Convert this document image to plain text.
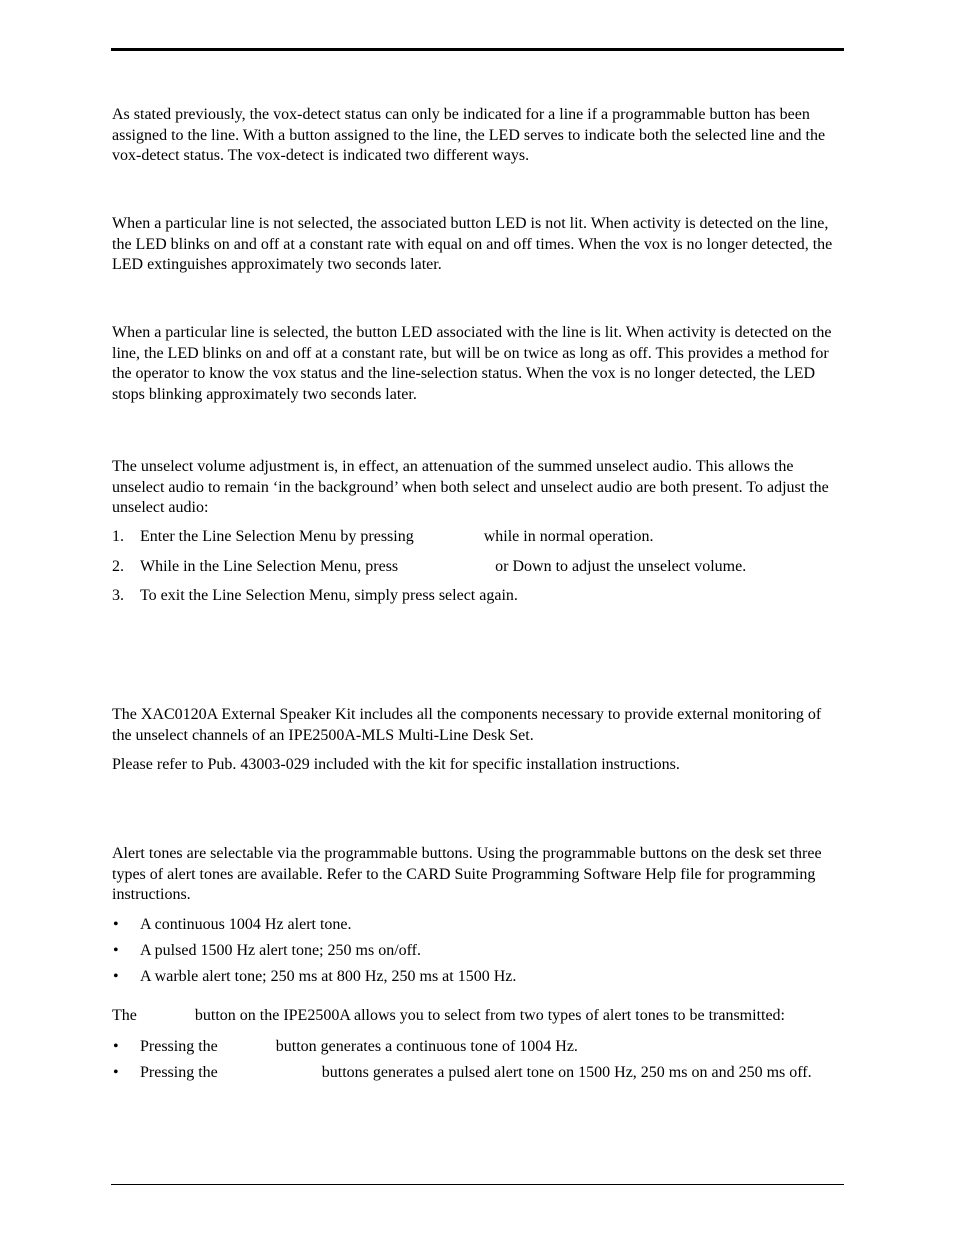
As stated previously, the vox-detect status can only be indicated for a line if a programmable button has been assigned to the line. With a button assigned to the line, the LED serves to indicate both the selected line and the vox-detect status. The vox-detect is indicated two different ways.

When a particular line is not selected, the associated button LED is not lit. When activity is detected on the line, the LED blinks on and off at a constant rate with equal on and off times. When the vox is no longer detected, the LED extinguishes approximately two seconds later.

When a particular line is selected, the button LED associated with the line is lit. When activity is detected on the line, the LED blinks on and off at a constant rate, but will be on twice as long as off. This provides a method for the operator to know the vox status and the line-selection status. When the vox is no longer detected, the LED stops blinking approximately two seconds later.

The unselect volume adjustment is, in effect, an attenuation of the summed unselect audio. This allows the unselect audio to remain ‘in the background’ when both select and unselect audio are both present. To adjust the unselect audio:

1. Enter the Line Selection Menu by pressing	while in normal operation.
2. While in the Line Selection Menu, press	or Down to adjust the unselect volume.
3. To exit the Line Selection Menu, simply press select again.

The XAC0120A External Speaker Kit includes all the components necessary to provide external monitoring of the unselect channels of an IPE2500A-MLS Multi-Line Desk Set.

Please refer to Pub. 43003-029 included with the kit for specific installation instructions.

Alert tones are selectable via the programmable buttons. Using the programmable buttons on the desk set three types of alert tones are available. Refer to the CARD Suite Programming Software Help file for programming instructions.

• A continuous 1004 Hz alert tone.
• A pulsed 1500 Hz alert tone; 250 ms on/off.
• A warble alert tone; 250 ms at 800 Hz, 250 ms at 1500 Hz.

The	button on the IPE2500A allows you to select from two types of alert tones to be transmitted:

• Pressing the	button generates a continuous tone of 1004 Hz.
• Pressing the	buttons generates a pulsed alert tone on 1500 Hz, 250 ms on and 250 ms off.
